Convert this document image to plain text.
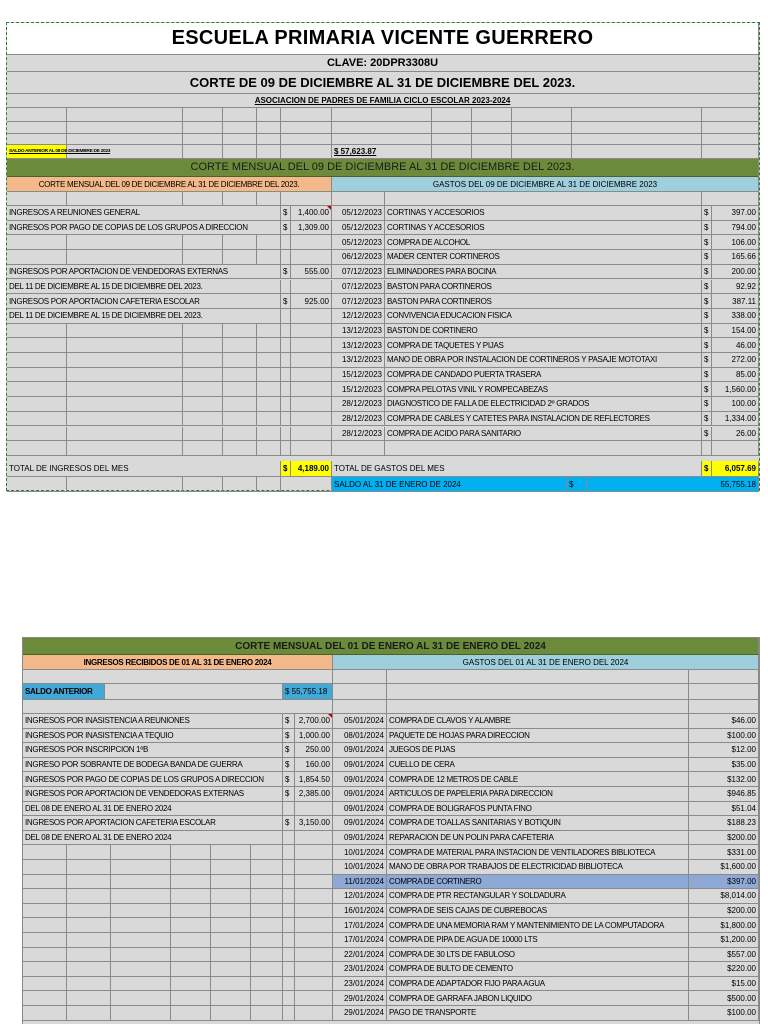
ESCUELA PRIMARIA VICENTE GUERRERO
CLAVE: 20DPR3308U
CORTE DE 09 DE DICIEMBRE AL 31 DE DICIEMBRE DEL 2023.
ASOCIACION DE PADRES DE FAMILIA CICLO ESCOLAR 2023-2024
SALDO ANTERIOR AL 08 DE DICIEMBRE DE 2023	$ 57,623.87
CORTE MENSUAL DEL 09 DE DICIEMBRE AL 31 DE DICIEMBRE DEL 2023.
CORTE MENSUAL DEL 09 DE DICIEMBRE AL 31 DE DICIEMBRE DEL 2023.	GASTOS DEL 09 DE DICIEMBRE AL 31 DE DICIEMBRE 2023
INGRESOS A REUNIONES GENERAL	$	1,400.00	05/12/2023 CORTINAS Y ACCESORIOS	$	397.00
INGRESOS POR PAGO DE COPIAS DE LOS GRUPOS A DIRECCION	$	1,309.00	05/12/2023 CORTINAS Y ACCESORIOS	$	794.00
05/12/2023 COMPRA DE ALCOHOL	$	106.00
06/12/2023 MADER CENTER CORTINEROS	$	165.66
INGRESOS POR APORTACION DE VENDEDORAS EXTERNAS	$	555.00	07/12/2023 ELIMINADORES PARA BOCINA	$	200.00
DEL 11 DE DICIEMBRE AL 15 DE DICIEMBRE DEL 2023.	07/12/2023 BASTON PARA CORTINEROS	$	92.92
INGRESOS POR APORTACION CAFETERIA ESCOLAR	$	925.00	07/12/2023 BASTON PARA CORTINEROS	$	387.11
DEL 11 DE DICIEMBRE AL 15 DE DICIEMBRE DEL 2023.	12/12/2023 CONVIVENCIA EDUCACION FISICA	$	338.00
13/12/2023 BASTON DE CORTINERO	$	154.00
13/12/2023 COMPRA DE TAQUETES Y PIJAS	$	46.00
13/12/2023 MANO DE OBRA POR INSTALACION DE CORTINEROS Y PASAJE MOTOTAXI	$	272.00
15/12/2023 COMPRA DE CANDADO PUERTA TRASERA	$	85.00
15/12/2023 COMPRA PELOTAS VINIL Y ROMPECABEZAS	$	1,560.00
28/12/2023 DIAGNOSTICO DE FALLA DE ELECTRICIDAD 2º GRADOS	$	100.00
28/12/2023 COMPRA DE CABLES Y CATETES PARA INSTALACION DE REFLECTORES	$	1,334.00
28/12/2023 COMPRA DE ACIDO PARA SANITARIO	$	26.00
TOTAL DE INGRESOS DEL MES	$	4,189.00 TOTAL DE GASTOS DEL MES	$	6,057.69
SALDO AL 31 DE ENERO DE 2024	$	55,755.18
CORTE MENSUAL DEL 01 DE ENERO AL 31 DE ENERO DEL 2024
INGRESOS RECIBIDOS DE 01 AL 31 DE ENERO 2024	GASTOS DEL 01 AL 31 DE ENERO DEL 2024
SALDO ANTERIOR	$ 55,755.18
INGRESOS POR INASISTENCIA A REUNIONES	$	2,700.00	05/01/2024 COMPRA DE CLAVOS Y ALAMBRE	$46.00
INGRESOS POR INASISTENCIA A TEQUIO	$	1,000.00	08/01/2024 PAQUETE DE HOJAS PARA DIRECCION	$100.00
INGRESOS POR INSCRIPCION 1ºB	$	250.00	09/01/2024 JUEGOS DE PIJAS	$12.00
INGRESO POR SOBRANTE DE BODEGA BANDA DE GUERRA	$	160.00	09/01/2024 CUELLO DE CERA	$35.00
INGRESOS POR PAGO DE COPIAS DE LOS GRUPOS A DIRECCION	$	1,854.50	09/01/2024 COMPRA DE 12 METROS DE CABLE	$132.00
INGRESOS POR APORTACION DE VENDEDORAS EXTERNAS	$	2,385.00	09/01/2024 ARTICULOS DE PAPELERIA PARA DIRECCION	$946.85
DEL 08 DE ENERO AL 31 DE ENERO 2024	09/01/2024 COMPRA DE BOLIGRAFOS PUNTA FINO	$51.04
INGRESOS POR APORTACION CAFETERIA ESCOLAR	$	3,150.00	09/01/2024 COMPRA DE TOALLAS SANITARIAS Y BOTIQUIN	$188.23
DEL 08 DE ENERO AL 31 DE ENERO 2024	09/01/2024 REPARACION DE UN POLIN PARA CAFETERIA	$200.00
10/01/2024 COMPRA DE MATERIAL PARA INSTACION DE VENTILADORES BIBLIOTECA	$331.00
10/01/2024 MANO DE OBRA POR TRABAJOS DE ELECTRICIDAD BIBLIOTECA	$1,600.00
11/01/2024 COMPRA DE CORTINERO	$397.00
12/01/2024 COMPRA DE PTR RECTANGULAR Y SOLDADURA	$8,014.00
16/01/2024 COMPRA DE SEIS CAJAS DE CUBREBOCAS	$200.00
17/01/2024 COMPRA DE UNA MEMORIA RAM Y MANTENIMIENTO DE LA COMPUTADORA	$1,800.00
17/01/2024 COMPRA DE PIPA DE AGUA DE 10000 LTS	$1,200.00
22/01/2024 COMPRA DE 30 LTS DE FABULOSO	$557.00
23/01/2024 COMPRA DE BULTO DE CEMENTO	$220.00
23/01/2024 COMPRA DE ADAPTADOR FIJO PARA AGUA	$15.00
29/01/2024 COMPRA DE GARRAFA JABON LIQUIDO	$500.00
29/01/2024 PAGO DE TRANSPORTE	$100.00
